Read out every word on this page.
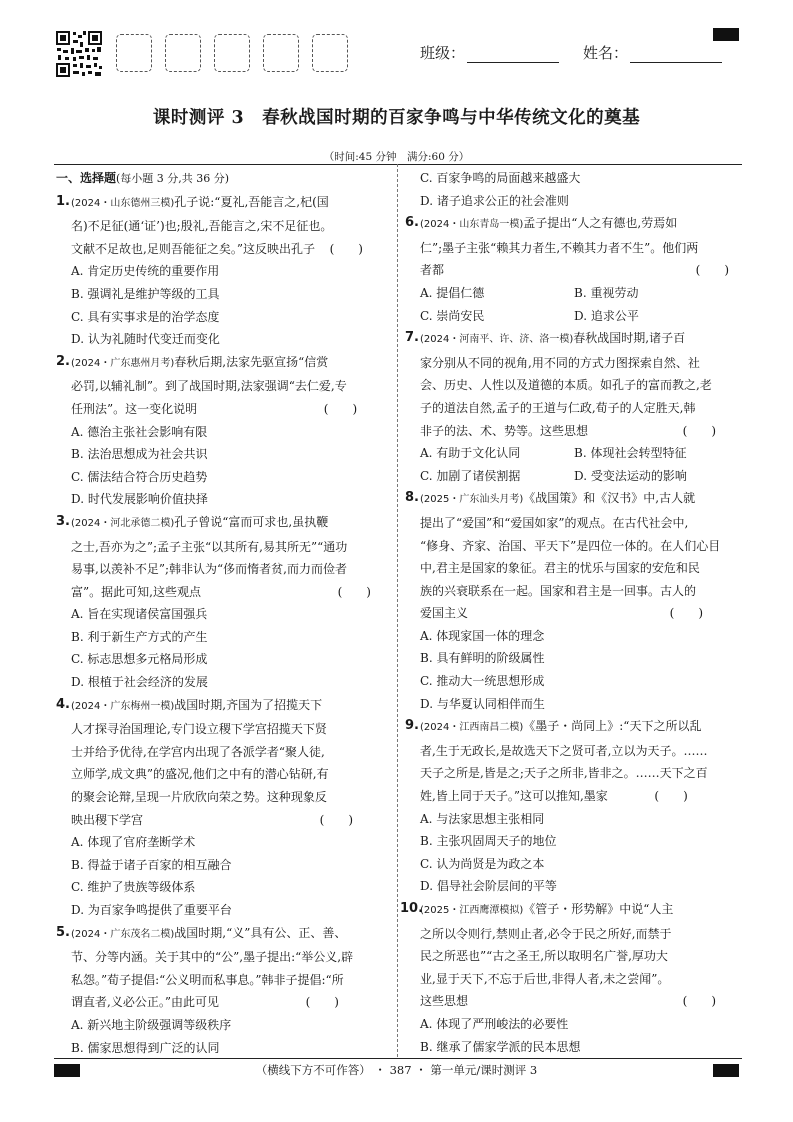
班级：	姓名：
课时测评 3 春秋战国时期的百家争鸣与中华传统文化的奠基
（时间:45 分钟　满分:60 分）
一、选择题(每小题 3 分,共 36 分)
1. (2024・山东德州三模)孔子说:“夏礼,吾能言之,杞(国
名)不足征(通‘证’)也;殷礼,吾能言之,宋不足征也。
文献不足故也,足则吾能征之矣。”这反映出孔子 (　　)
A. 肯定历史传统的重要作用
B. 强调礼是维护等级的工具
C. 具有实事求是的治学态度
D. 认为礼随时代变迁而变化
2. (2024・广东惠州月考)春秋后期,法家先驱宣扬“信赏
必罚,以辅礼制”。到了战国时期,法家强调“去仁爱,专
任刑法”。这一变化说明	(　　)
A. 德治主张社会影响有限
B. 法治思想成为社会共识
C. 儒法结合符合历史趋势
D. 时代发展影响价值抉择
3. (2024・河北承德二模)孔子曾说“富而可求也,虽执鞭
之士,吾亦为之”;孟子主张“以其所有,易其所无”“通功
易事,以羡补不足”;韩非认为“侈而惰者贫,而力而俭者
富”。据此可知,这些观点	(　　)
A. 旨在实现诸侯富国强兵
B. 利于新生产方式的产生
C. 标志思想多元格局形成
D. 根植于社会经济的发展
4. (2024・广东梅州一模)战国时期,齐国为了招揽天下
人才探寻治国理论,专门设立稷下学宫招揽天下贤
士并给予优待,在学宫内出现了各派学者“聚人徒,
立师学,成文典”的盛况,他们之中有的潜心钻研,有
的聚会论辩,呈现一片欣欣向荣之势。这种现象反
映出稷下学宫	(　　)
A. 体现了官府垄断学术
B. 得益于诸子百家的相互融合
C. 维护了贵族等级体系
D. 为百家争鸣提供了重要平台
5. (2024・广东茂名二模)战国时期,“义”具有公、正、善、
节、分等内涵。关于其中的“公”,墨子提出:“举公义,辟
私怨。”荀子提倡:“公义明而私事息。”韩非子提倡:“所
谓直者,义必公正。”由此可见	(　　)
A. 新兴地主阶级强调等级秩序
B. 儒家思想得到广泛的认同
C. 百家争鸣的局面越来越盛大
D. 诸子追求公正的社会准则
6. (2024・山东青岛一模)孟子提出“人之有德也,劳焉如
仁”;墨子主张“赖其力者生,不赖其力者不生”。他们两
者都	(　　)
A. 提倡仁德	B. 重视劳动
C. 崇尚安民	D. 追求公平
7. (2024・河南平、许、济、洛一模)春秋战国时期,诸子百
家分别从不同的视角,用不同的方式力图探索自然、社
会、历史、人性以及道德的本质。如孔子的富而教之,老
子的道法自然,孟子的王道与仁政,荀子的人定胜天,韩
非子的法、术、势等。这些思想	(　　)
A. 有助于文化认同	B. 体现社会转型特征
C. 加剧了诸侯割据	D. 受变法运动的影响
8. (2025・广东汕头月考)《战国策》和《汉书》中,古人就
提出了“爱国”和“爱国如家”的观点。在古代社会中,
“修身、齐家、治国、平天下”是四位一体的。在人们心目
中,君主是国家的象征。君主的忧乐与国家的安危和民
族的兴衰联系在一起。国家和君主是一回事。古人的
爱国主义	(　　)
A. 体现家国一体的理念
B. 具有鲜明的阶级属性
C. 推动大一统思想形成
D. 与华夏认同相伴而生
9. (2024・江西南昌二模)《墨子・尚同上》:“天下之所以乱
者,生于无政长,是故选天下之贤可者,立以为天子。……
天子之所是,皆是之;天子之所非,皆非之。……天下之百
姓,皆上同于天子。”这可以推知,墨家	(　　)
A. 与法家思想主张相同
B. 主张巩固周天子的地位
C. 认为尚贤是为政之本
D. 倡导社会阶层间的平等
10.
(2025・江西鹰潭模拟)《管子・形势解》中说“人主
之所以令则行,禁则止者,必令于民之所好,而禁于
民之所恶也”“古之圣王,所以取明名广誉,厚功大
业,显于天下,不忘于后世,非得人者,未之尝闻”。
这些思想	(　　)
A. 体现了严刑峻法的必要性
B. 继承了儒家学派的民本思想
（横线下方不可作答） ・ 387 ・ 第一单元/课时测评 3
